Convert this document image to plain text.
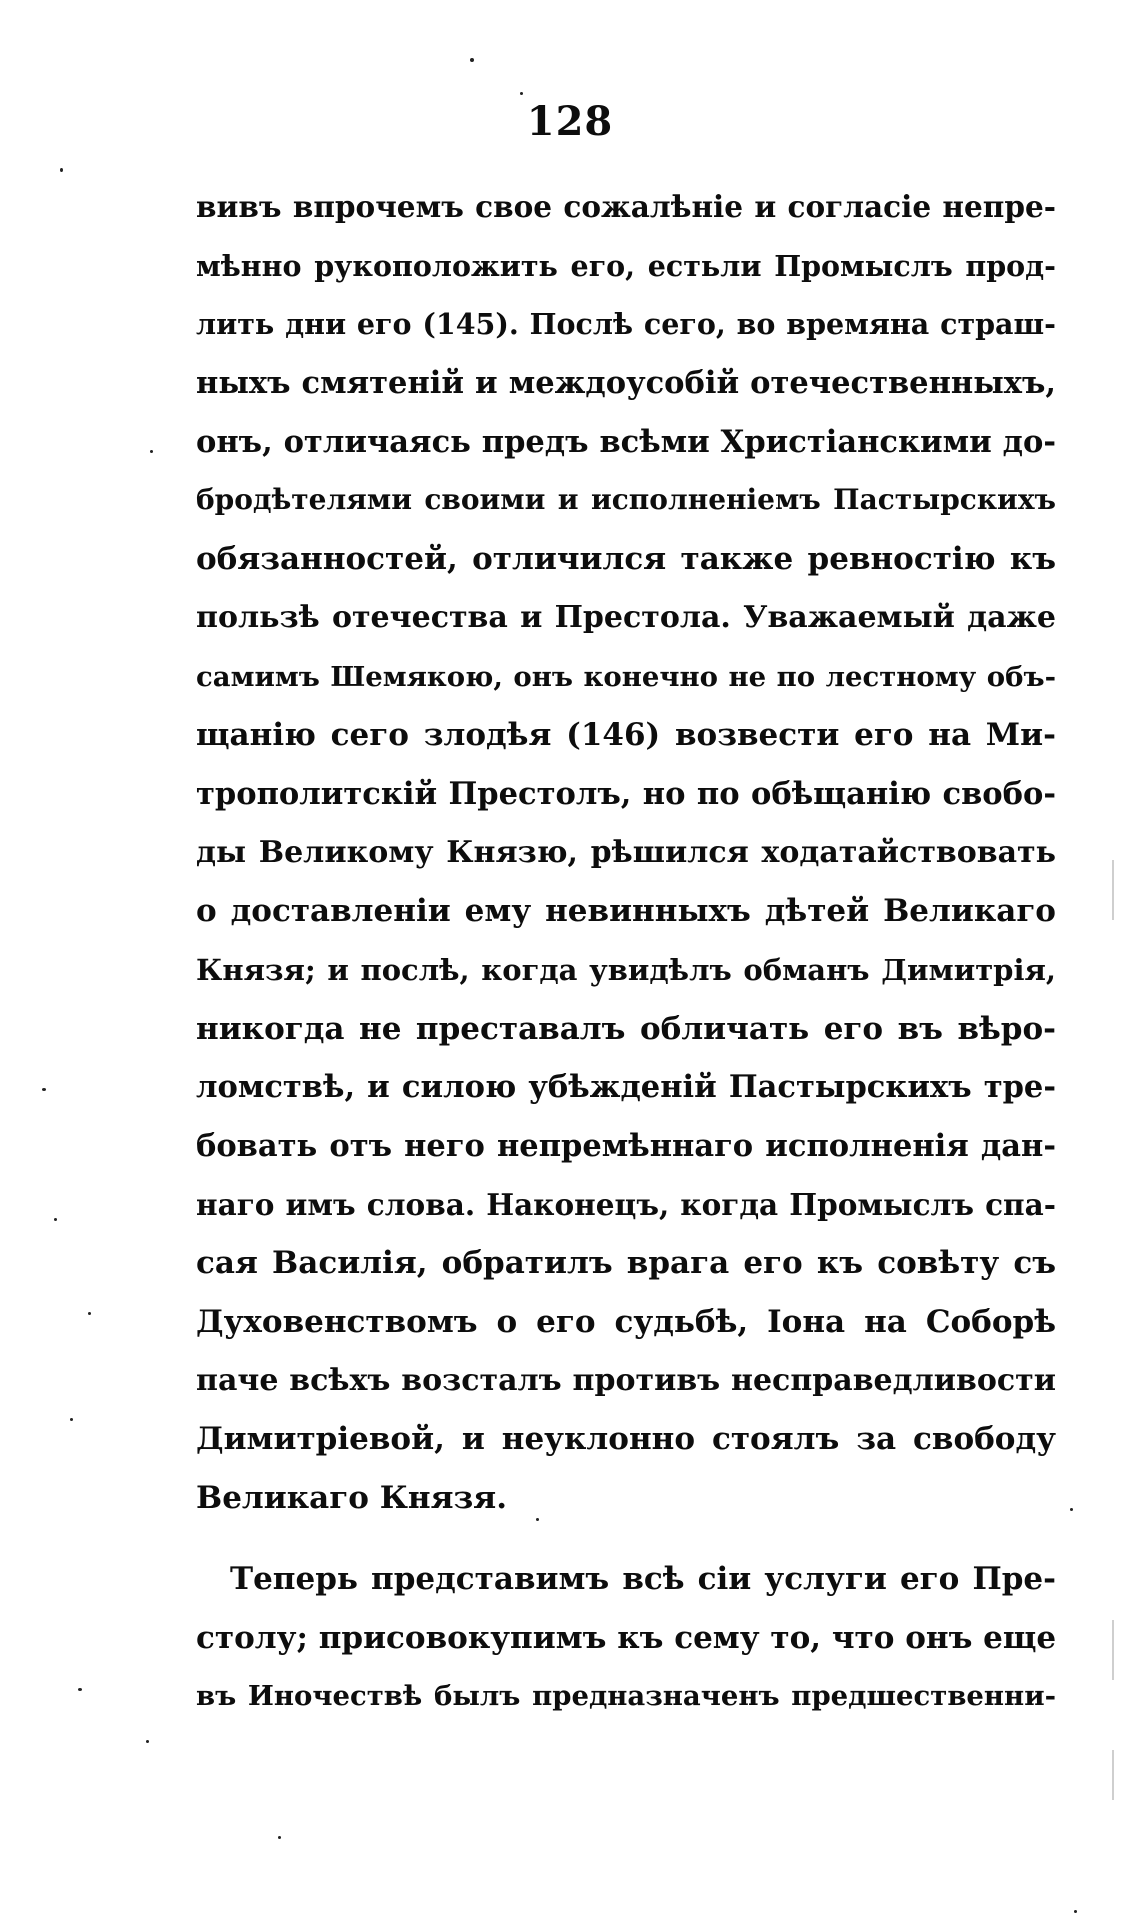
128
вивъ впрочемъ свое сожалѣніе и согласіе непре-
мѣнно рукоположить его, естьли Промыслъ прод-
лить дни его (145). Послѣ сего, во времяна страш-
ныхъ смятеній и междоусобій отечественныхъ,
онъ, отличаясь предъ всѣми Христіанскими до-
бродѣтелями своими и исполненіемъ Пастырскихъ
обязанностей, отличился также ревностію къ
пользѣ отечества и Престола. Уважаемый даже
самимъ Шемякою, онъ конечно не по лестному объ-
щанію сего злодѣя (146) возвести его на Ми-
трополитскій Престолъ, но по обѣщанію свобо-
ды Великому Князю, рѣшился ходатайствовать
о доставленіи ему невинныхъ дѣтей Великаго
Князя; и послѣ, когда увидѣлъ обманъ Димитрія,
никогда не преставалъ обличать его въ вѣро-
ломствѣ, и силою убѣжденій Пастырскихъ тре-
бовать отъ него непремѣннаго исполненія дан-
наго имъ слова. Наконецъ, когда Промыслъ спа-
сая Василія, обратилъ врага его къ совѣту съ
Духовенствомъ о его судьбѣ, Іона на Соборѣ
паче всѣхъ возсталъ противъ несправедливости
Димитріевой, и неуклонно стоялъ за свободу
Великаго Князя.
Теперь представимъ всѣ сіи услуги его Пре-
столу; присовокупимъ къ сему то, что онъ еще
въ Иночествѣ былъ предназначенъ предшественни-
